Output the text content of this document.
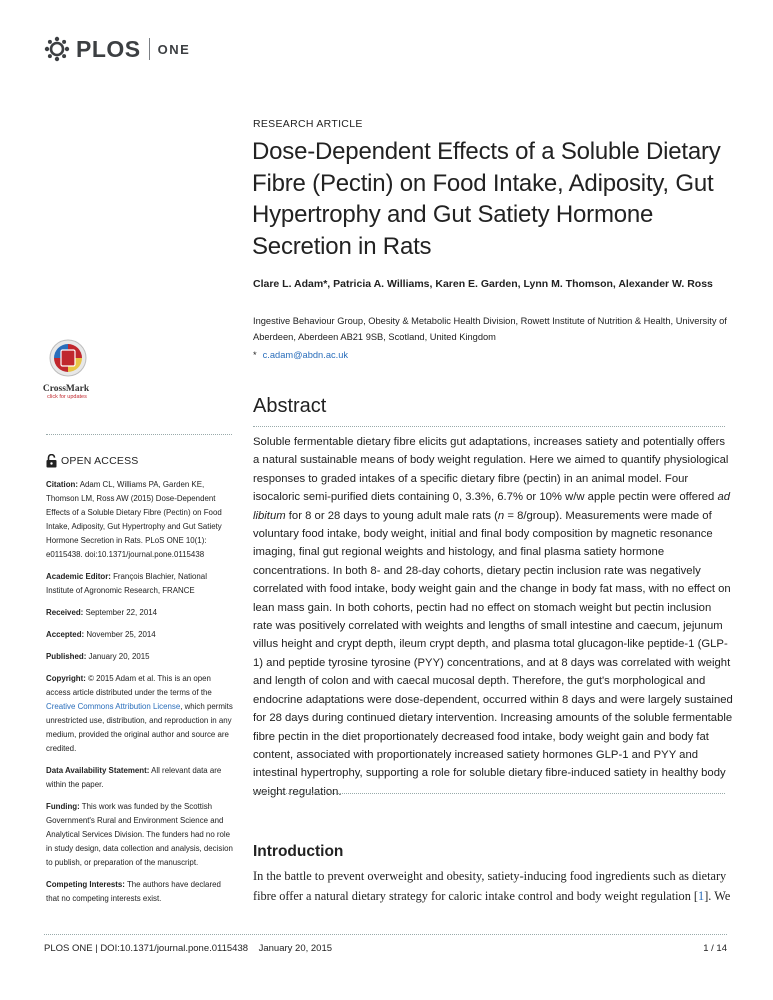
PLOS ONE
RESEARCH ARTICLE
Dose-Dependent Effects of a Soluble Dietary Fibre (Pectin) on Food Intake, Adiposity, Gut Hypertrophy and Gut Satiety Hormone Secretion in Rats
Clare L. Adam*, Patricia A. Williams, Karen E. Garden, Lynn M. Thomson, Alexander W. Ross
Ingestive Behaviour Group, Obesity & Metabolic Health Division, Rowett Institute of Nutrition & Health, University of Aberdeen, Aberdeen AB21 9SB, Scotland, United Kingdom
* c.adam@abdn.ac.uk
Abstract
Soluble fermentable dietary fibre elicits gut adaptations, increases satiety and potentially offers a natural sustainable means of body weight regulation. Here we aimed to quantify physiological responses to graded intakes of a specific dietary fibre (pectin) in an animal model. Four isocaloric semi-purified diets containing 0, 3.3%, 6.7% or 10% w/w apple pectin were offered ad libitum for 8 or 28 days to young adult male rats (n = 8/group). Measurements were made of voluntary food intake, body weight, initial and final body composition by magnetic resonance imaging, final gut regional weights and histology, and final plasma satiety hormone concentrations. In both 8- and 28-day cohorts, dietary pectin inclusion rate was negatively correlated with food intake, body weight gain and the change in body fat mass, with no effect on lean mass gain. In both cohorts, pectin had no effect on stomach weight but pectin inclusion rate was positively correlated with weights and lengths of small intestine and caecum, jejunum villus height and crypt depth, ileum crypt depth, and plasma total glucagon-like peptide-1 (GLP-1) and peptide tyrosine tyrosine (PYY) concentrations, and at 8 days was correlated with weight and length of colon and with caecal mucosal depth. Therefore, the gut's morphological and endocrine adaptations were dose-dependent, occurred within 8 days and were largely sustained for 28 days during continued dietary intervention. Increasing amounts of the soluble fermentable fibre pectin in the diet proportionately decreased food intake, body weight gain and body fat content, associated with proportionately increased satiety hormones GLP-1 and PYY and intestinal hypertrophy, supporting a role for soluble dietary fibre-induced satiety in healthy body weight regulation.
Introduction
In the battle to prevent overweight and obesity, satiety-inducing food ingredients such as dietary fibre offer a natural dietary strategy for caloric intake control and body weight regulation [1]. We
CrossMark
click for updates
OPEN ACCESS

Citation: Adam CL, Williams PA, Garden KE, Thomson LM, Ross AW (2015) Dose-Dependent Effects of a Soluble Dietary Fibre (Pectin) on Food Intake, Adiposity, Gut Hypertrophy and Gut Satiety Hormone Secretion in Rats. PLoS ONE 10(1): e0115438. doi:10.1371/journal.pone.0115438

Academic Editor: François Blachier, National Institute of Agronomic Research, FRANCE

Received: September 22, 2014

Accepted: November 25, 2014

Published: January 20, 2015

Copyright: © 2015 Adam et al. This is an open access article distributed under the terms of the Creative Commons Attribution License, which permits unrestricted use, distribution, and reproduction in any medium, provided the original author and source are credited.

Data Availability Statement: All relevant data are within the paper.

Funding: This work was funded by the Scottish Government's Rural and Environment Science and Analytical Services Division. The funders had no role in study design, data collection and analysis, decision to publish, or preparation of the manuscript.

Competing Interests: The authors have declared that no competing interests exist.

PLOS ONE | DOI:10.1371/journal.pone.0115438    January 20, 2015	1 / 14
